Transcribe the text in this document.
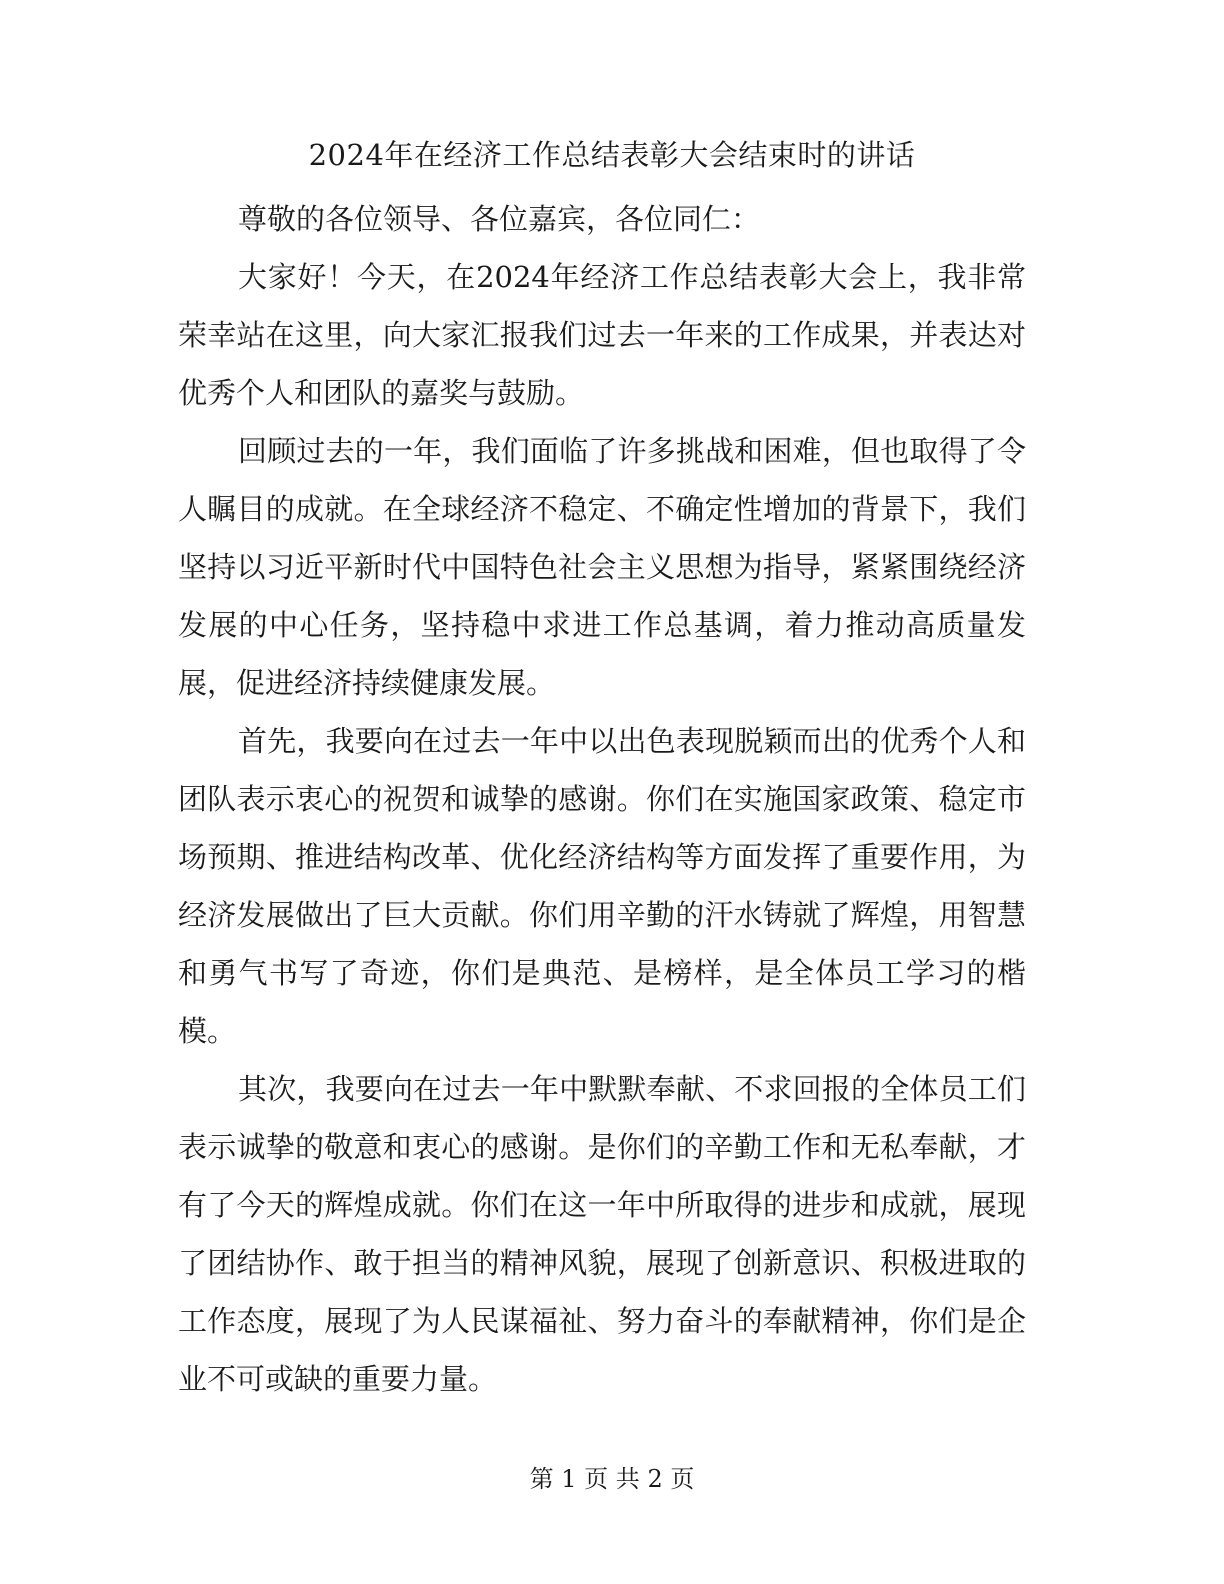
2024年在经济工作总结表彰大会结束时的讲话

尊敬的各位领导、各位嘉宾，各位同仁：

大家好！今天，在2024年经济工作总结表彰大会上，我非常荣幸站在这里，向大家汇报我们过去一年来的工作成果，并表达对优秀个人和团队的嘉奖与鼓励。

回顾过去的一年，我们面临了许多挑战和困难，但也取得了令人瞩目的成就。在全球经济不稳定、不确定性增加的背景下，我们坚持以习近平新时代中国特色社会主义思想为指导，紧紧围绕经济发展的中心任务，坚持稳中求进工作总基调，着力推动高质量发展，促进经济持续健康发展。

首先，我要向在过去一年中以出色表现脱颖而出的优秀个人和团队表示衷心的祝贺和诚挚的感谢。你们在实施国家政策、稳定市场预期、推进结构改革、优化经济结构等方面发挥了重要作用，为经济发展做出了巨大贡献。你们用辛勤的汗水铸就了辉煌，用智慧和勇气书写了奇迹，你们是典范、是榜样，是全体员工学习的楷模。

其次，我要向在过去一年中默默奉献、不求回报的全体员工们表示诚挚的敬意和衷心的感谢。是你们的辛勤工作和无私奉献，才有了今天的辉煌成就。你们在这一年中所取得的进步和成就，展现了团结协作、敢于担当的精神风貌，展现了创新意识、积极进取的工作态度，展现了为人民谋福祉、努力奋斗的奉献精神，你们是企业不可或缺的重要力量。

第 1 页 共 2 页
